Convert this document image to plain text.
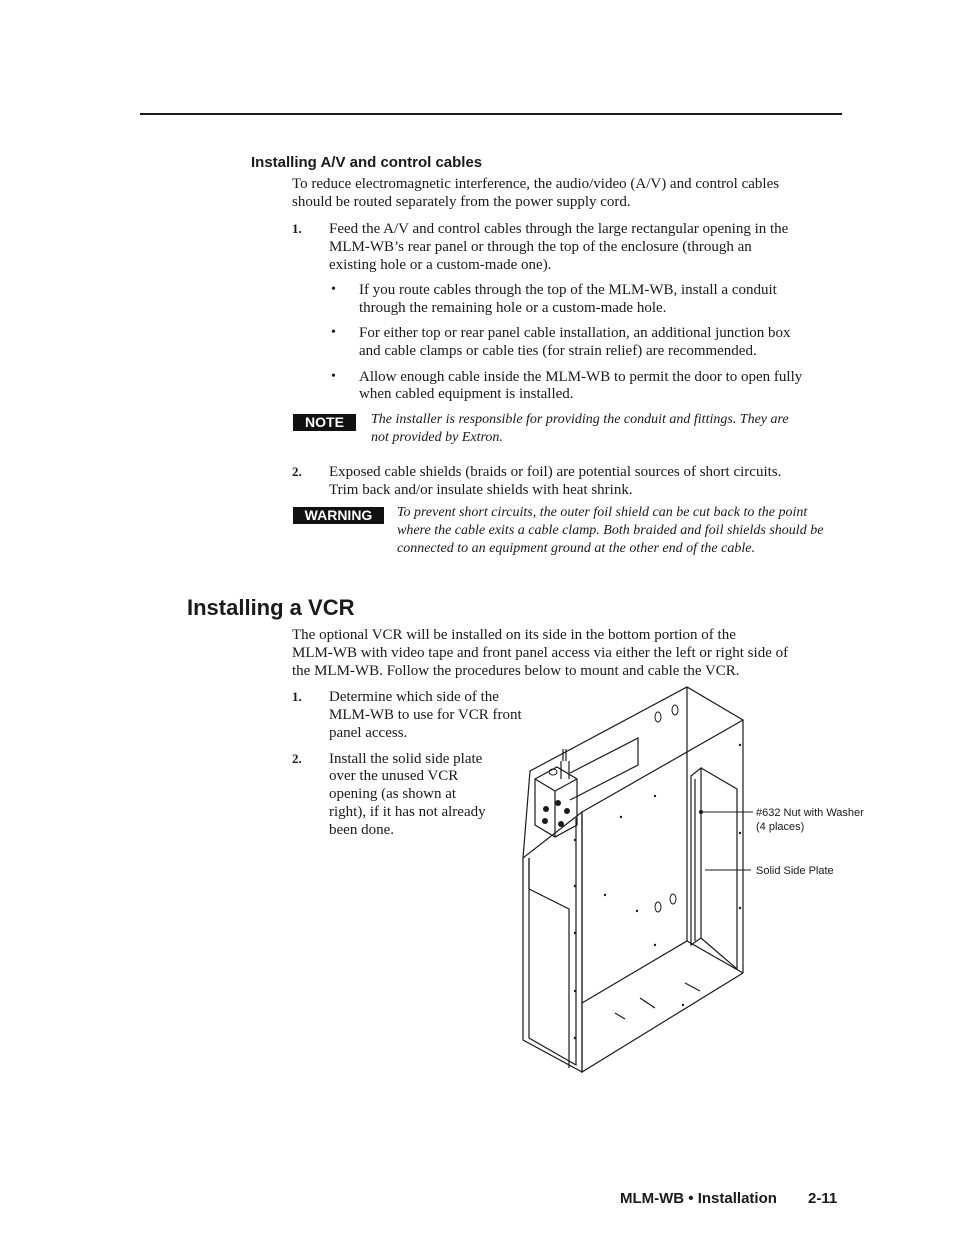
Installing A/V and control cables
To reduce electromagnetic interference, the audio/video (A/V) and control cables
should be routed separately from the power supply cord.
1. Feed the A/V and control cables through the large rectangular opening in the
MLM-WB’s rear panel or through the top of the enclosure (through an
existing hole or a custom-made one).
• If you route cables through the top of the MLM-WB, install a conduit
through the remaining hole or a custom-made hole.
• For either top or rear panel cable installation, an additional junction box
and cable clamps or cable ties (for strain relief) are recommended.
• Allow enough cable inside the MLM-WB to permit the door to open fully
when cabled equipment is installed.
NOTE	The installer is responsible for providing the conduit and fittings. They are
not provided by Extron.
2. Exposed cable shields (braids or foil) are potential sources of short circuits.
Trim back and/or insulate shields with heat shrink.
WARNING	To prevent short circuits, the outer foil shield can be cut back to the point
where the cable exits a cable clamp. Both braided and foil shields should be
connected to an equipment ground at the other end of the cable.
Installing a VCR
The optional VCR will be installed on its side in the bottom portion of the
MLM-WB with video tape and front panel access via either the left or right side of
the MLM-WB. Follow the procedures below to mount and cable the VCR.
1. Determine which side of the
MLM-WB to use for VCR front
panel access.
2. Install the solid side plate
over the unused VCR
opening (as shown at
right), if it has not already
been done.
#632 Nut with Washer
(4 places)
Solid Side Plate
MLM-WB • Installation 2-11
